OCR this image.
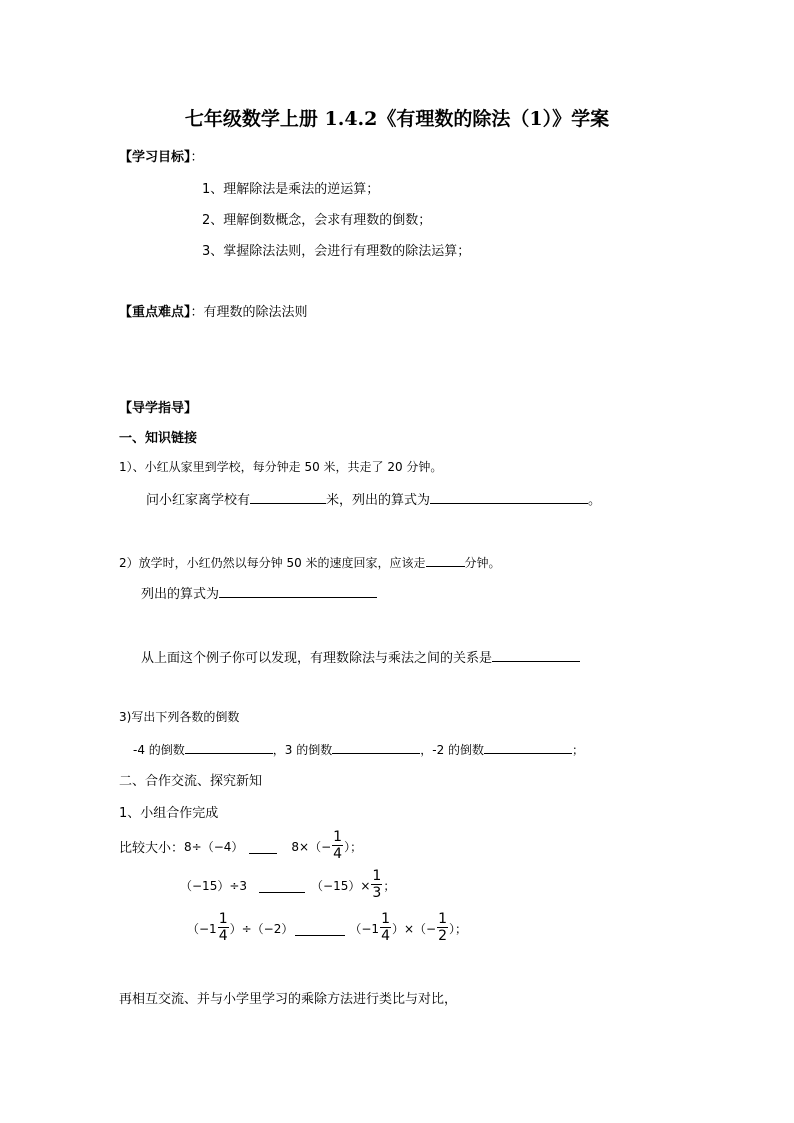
七年级数学上册 1.4.2《有理数的除法（1）》学案
【学习目标】：
1、理解除法是乘法的逆运算；
2、理解倒数概念，会求有理数的倒数；
3、掌握除法法则，会进行有理数的除法运算；
【重点难点】：有理数的除法法则
【导学指导】
一、知识链接
1）、小红从家里到学校，每分钟走 50 米，共走了 20 分钟。
问小红家离学校有	米，列出的算式为	。
2）放学时，小红仍然以每分钟 50 米的速度回家，应该走	分钟。
列出的算式为
从上面这个例子你可以发现，有理数除法与乘法之间的关系是
3)写出下列各数的倒数
-4 的倒数	，3 的倒数	，-2 的倒数	；
二、合作交流、探究新知
1、小组合作完成
比较大小： 8÷（−4）	$8\times(- \frac{1}{4}$ ）；
（−15）÷3	$(-15)\times \frac{1}{3}$ ；
$(-1 \frac{1}{4} )\div(-2)$	（$-1 \frac{1}{4}$ ）×（− $\frac{1}{2}$ ）；
再相互交流、并与小学里学习的乘除方法进行类比与对比，
